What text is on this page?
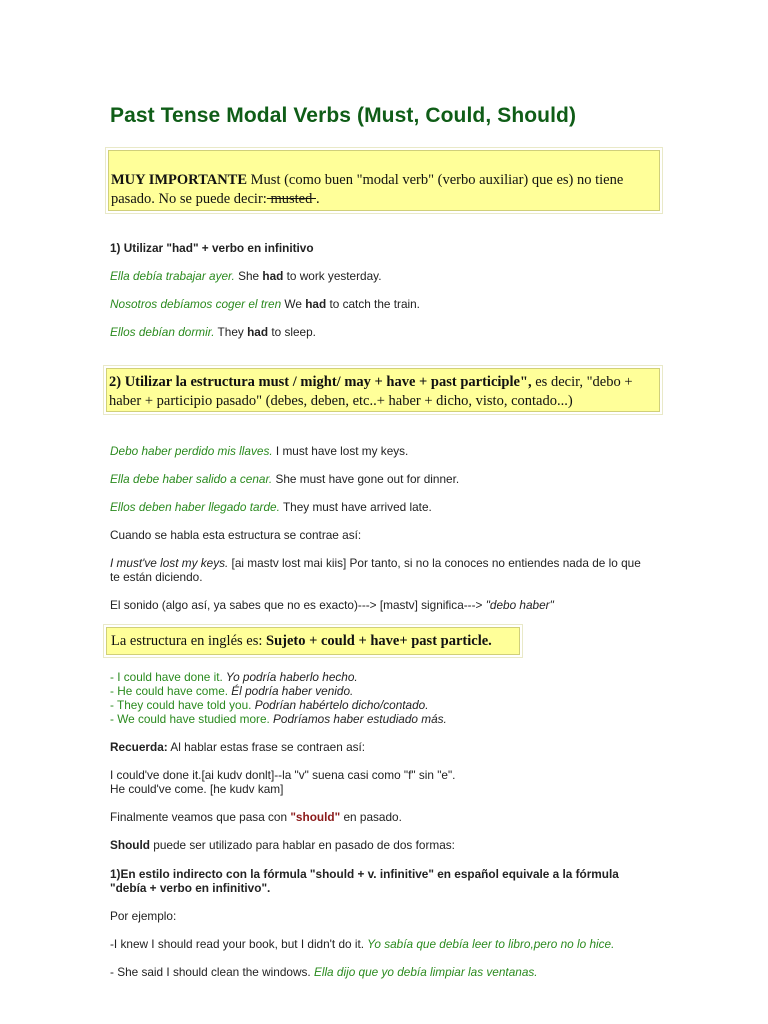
Past Tense Modal Verbs (Must, Could, Should)
MUY IMPORTANTE Must (como buen "modal verb" (verbo auxiliar) que es) no tiene pasado. No se puede decir: musted .

1) Utilizar "had" + verbo en infinitivo

Ella debía trabajar ayer. She had to work yesterday.

Nosotros debíamos coger el tren We had to catch the train.

Ellos debían dormir. They had to sleep.

2) Utilizar la estructura must / might/ may + have + past participle", es decir, "debo + haber + participio pasado" (debes, deben, etc..+ haber + dicho, visto, contado...)

Debo haber perdido mis llaves. I must have lost my keys.

Ella debe haber salido a cenar. She must have gone out for dinner.

Ellos deben haber llegado tarde. They must have arrived late.

Cuando se habla esta estructura se contrae así:

I must've lost my keys. [ai mastv lost mai kiis] Por tanto, si no la conoces no entiendes nada de lo que te están diciendo.

El sonido (algo así, ya sabes que no es exacto)---> [mastv] significa---> "debo haber"

La estructura en inglés es: Sujeto + could + have+ past particle.
- I could have done it. Yo podría haberlo hecho.
- He could have come. Él podría haber venido.
- They could have told you. Podrían habértelo dicho/contado.
- We could have studied more. Podríamos haber estudiado más.

Recuerda: Al hablar estas frase se contraen así:

I could've done it.[ai kudv donlt]--la "v" suena casi como "f" sin "e".
He could've come. [he kudv kam]

Finalmente veamos que pasa con "should" en pasado.

Should puede ser utilizado para hablar en pasado de dos formas:

1)En estilo indirecto con la fórmula "should + v. infinitive" en español equivale a la fórmula "debía + verbo en infinitivo".

Por ejemplo:

-I knew I should read your book, but I didn't do it. Yo sabía que debía leer to libro,pero no lo hice.

- She said I should clean the windows. Ella dijo que yo debía limpiar las ventanas.
